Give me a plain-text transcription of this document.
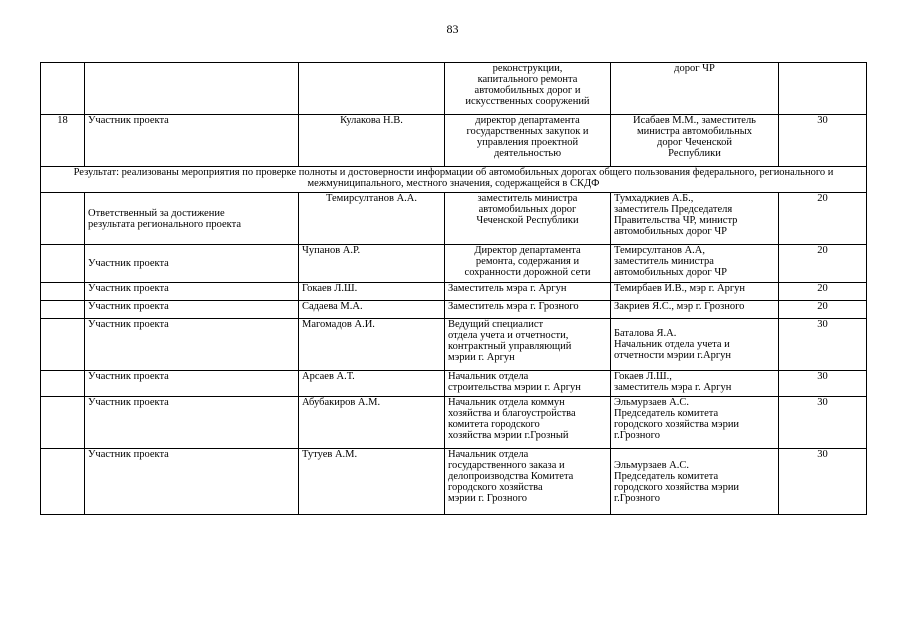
83

			реконструкции,
капитального ремонта
автомобильных дорог и
искусственных сооружений	дорог ЧР	

18	Участник проекта	Кулакова Н.В.	директор департамента
государственных закупок и
управления проектной
деятельностью	Исабаев М.М., заместитель
министра автомобильных
дорог Чеченской
Республики	30

Результат: реализованы мероприятия по проверке полноты и достоверности информации об автомобильных дорогах общего пользования федерального, регионального и межмуниципального, местного значения, содержащейся в СКДФ					

	Ответственный за достижение
результата регионального проекта	Темирсултанов А.А.	заместитель министра
автомобильных дорог
Чеченской Республики	Тумхаджиев А.Б.,
заместитель Председателя
Правительства ЧР, министр
автомобильных дорог ЧР	20

	Участник проекта	Чупанов А.Р.	Директор департамента
ремонта, содержания и
сохранности дорожной сети	Темирсултанов А.А,
заместитель министра
автомобильных дорог ЧР	20

	Участник проекта	Гокаев Л.Ш.	Заместитель мэра г. Аргун	Темирбаев И.В., мэр г. Аргун	20

	Участник проекта	Садаева М.А.	Заместитель мэра г. Грозного	Закриев Я.С., мэр г. Грозного	20

	Участник проекта	Магомадов А.И.	Ведущий специалист
отдела учета и отчетности,
контрактный управляющий
мэрии г. Аргун	Баталова Я.А.
Начальник отдела учета и
отчетности мэрии г.Аргун	30

	Участник проекта	Арсаев А.Т.	Начальник отдела
строительства мэрии г. Аргун	Гокаев Л.Ш.,
заместитель мэра г. Аргун	30

	Участник проекта	Абубакиров А.М.	Начальник отдела коммун
хозяйства и благоустройства
комитета городского
хозяйства мэрии г.Грозный	Эльмурзаев А.С.
Председатель комитета
городского хозяйства мэрии
г.Грозного	30

	Участник проекта	Тутуев А.М.	Начальник отдела
государственного заказа и
делопроизводства Комитета
городского хозяйства
мэрии г. Грозного	Эльмурзаев А.С.
Председатель комитета
городского хозяйства мэрии
г.Грозного	30
